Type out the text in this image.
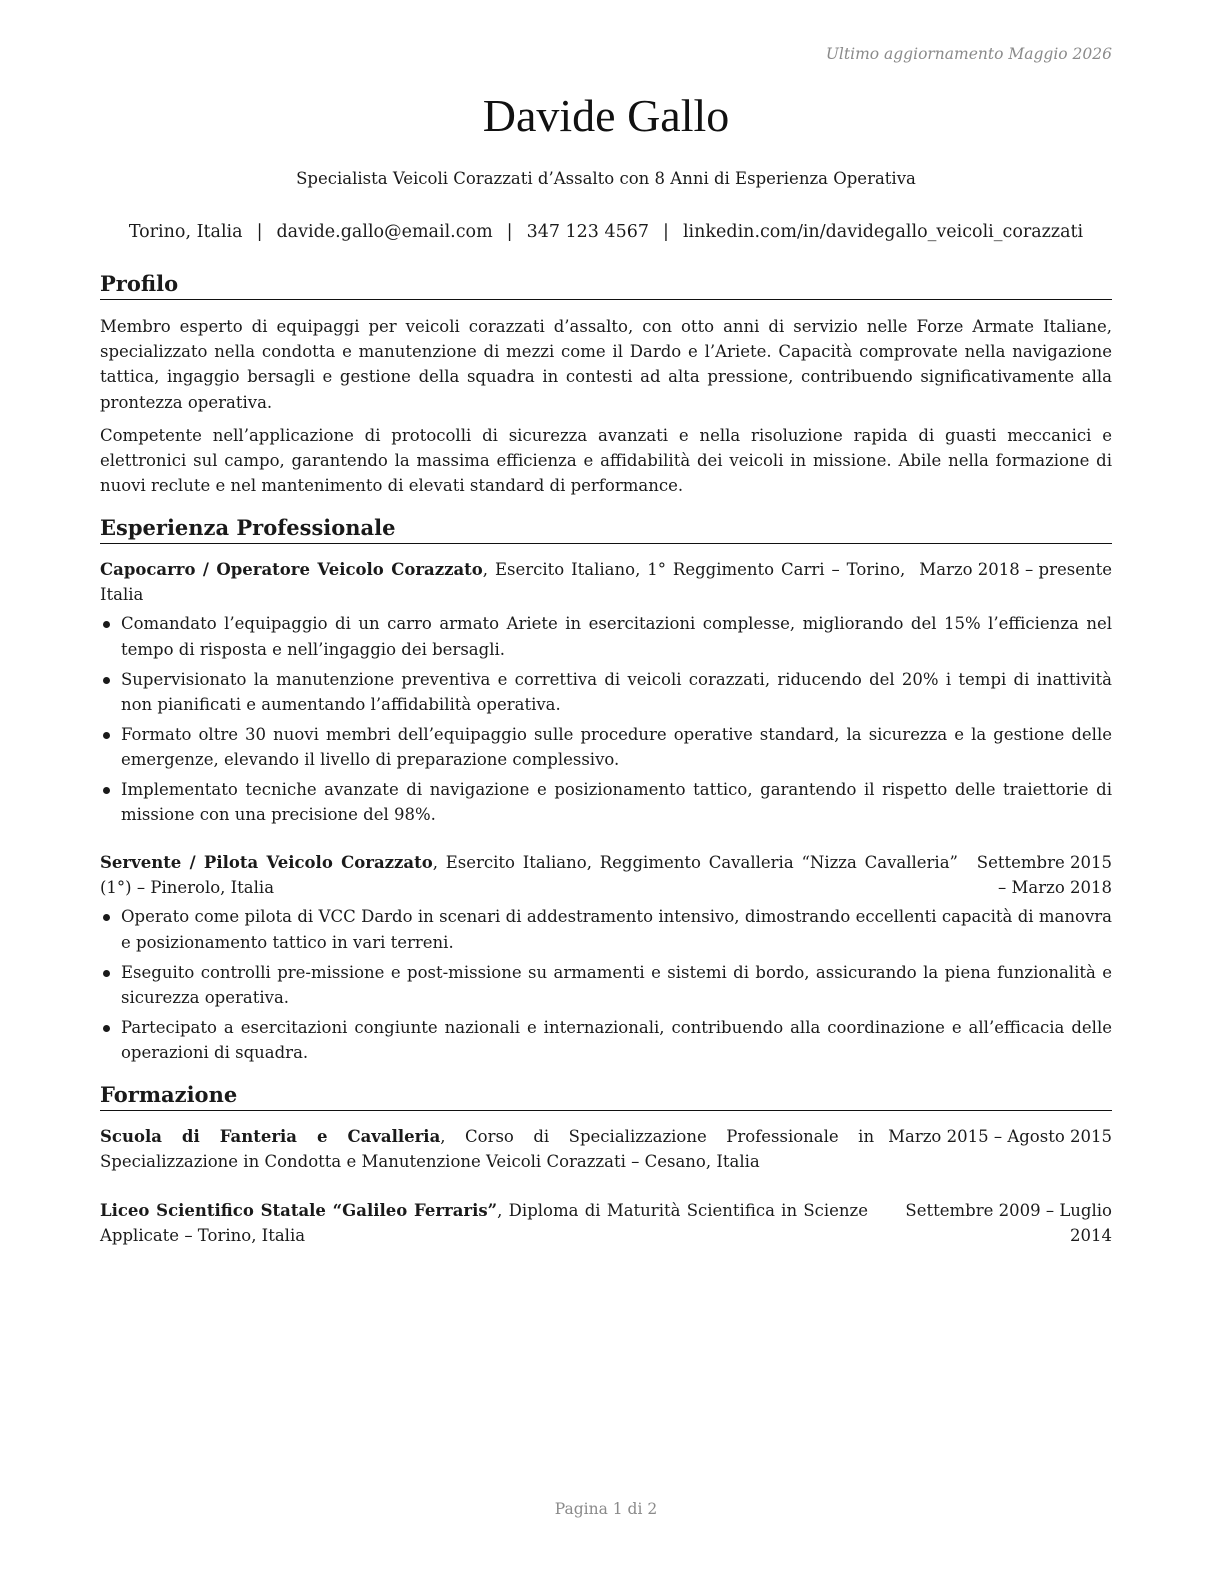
Ultimo aggiornamento Maggio 2026
Davide Gallo
Specialista Veicoli Corazzati d’Assalto con 8 Anni di Esperienza Operativa
Torino, Italia | davide.gallo@email.com | 347 123 4567 | linkedin.com/in/davidegallo_veicoli_corazzati
Profilo
Membro esperto di equipaggi per veicoli corazzati d’assalto, con otto anni di servizio nelle Forze Armate Italiane, specializzato nella condotta e manutenzione di mezzi come il Dardo e l’Ariete. Capacità comprovate nella navigazione tattica, ingaggio bersagli e gestione della squadra in contesti ad alta pressione, contribuendo significativamente alla prontezza operativa.
Competente nell’applicazione di protocolli di sicurezza avanzati e nella risoluzione rapida di guasti meccanici e elettronici sul campo, garantendo la massima efficienza e affidabilità dei veicoli in missione. Abile nella formazione di nuovi reclute e nel mantenimento di elevati standard di performance.
Esperienza Professionale
Marzo 2018 – presente
Capocarro / Operatore Veicolo Corazzato, Esercito Italiano, 1° Reggimento Carri – Torino, Italia
Comandato l’equipaggio di un carro armato Ariete in esercitazioni complesse, migliorando del 15% l’efficienza nel tempo di risposta e nell’ingaggio dei bersagli.
Supervisionato la manutenzione preventiva e correttiva di veicoli corazzati, riducendo del 20% i tempi di inattività non pianificati e aumentando l’affidabilità operativa.
Formato oltre 30 nuovi membri dell’equipaggio sulle procedure operative standard, la sicurezza e la gestione delle emergenze, elevando il livello di preparazione complessivo.
Implementato tecniche avanzate di navigazione e posizionamento tattico, garantendo il rispetto delle traiettorie di missione con una precisione del 98%.
Settembre 2015 – Marzo 2018
Servente / Pilota Veicolo Corazzato, Esercito Italiano, Reggimento Cavalleria “Nizza Cavalleria” (1°) – Pinerolo, Italia
Operato come pilota di VCC Dardo in scenari di addestramento intensivo, dimostrando eccellenti capacità di manovra e posizionamento tattico in vari terreni.
Eseguito controlli pre-missione e post-missione su armamenti e sistemi di bordo, assicurando la piena funzionalità e sicurezza operativa.
Partecipato a esercitazioni congiunte nazionali e internazionali, contribuendo alla coordinazione e all’efficacia delle operazioni di squadra.
Formazione
Marzo 2015 – Agosto 2015
Scuola di Fanteria e Cavalleria, Corso di Specializzazione Professionale in Specializzazione in Condotta e Manutenzione Veicoli Corazzati – Cesano, Italia
Settembre 2009 – Luglio 2014
Liceo Scientifico Statale “Galileo Ferraris”, Diploma di Maturità Scientifica in Scienze Applicate – Torino, Italia
Pagina 1 di 2
